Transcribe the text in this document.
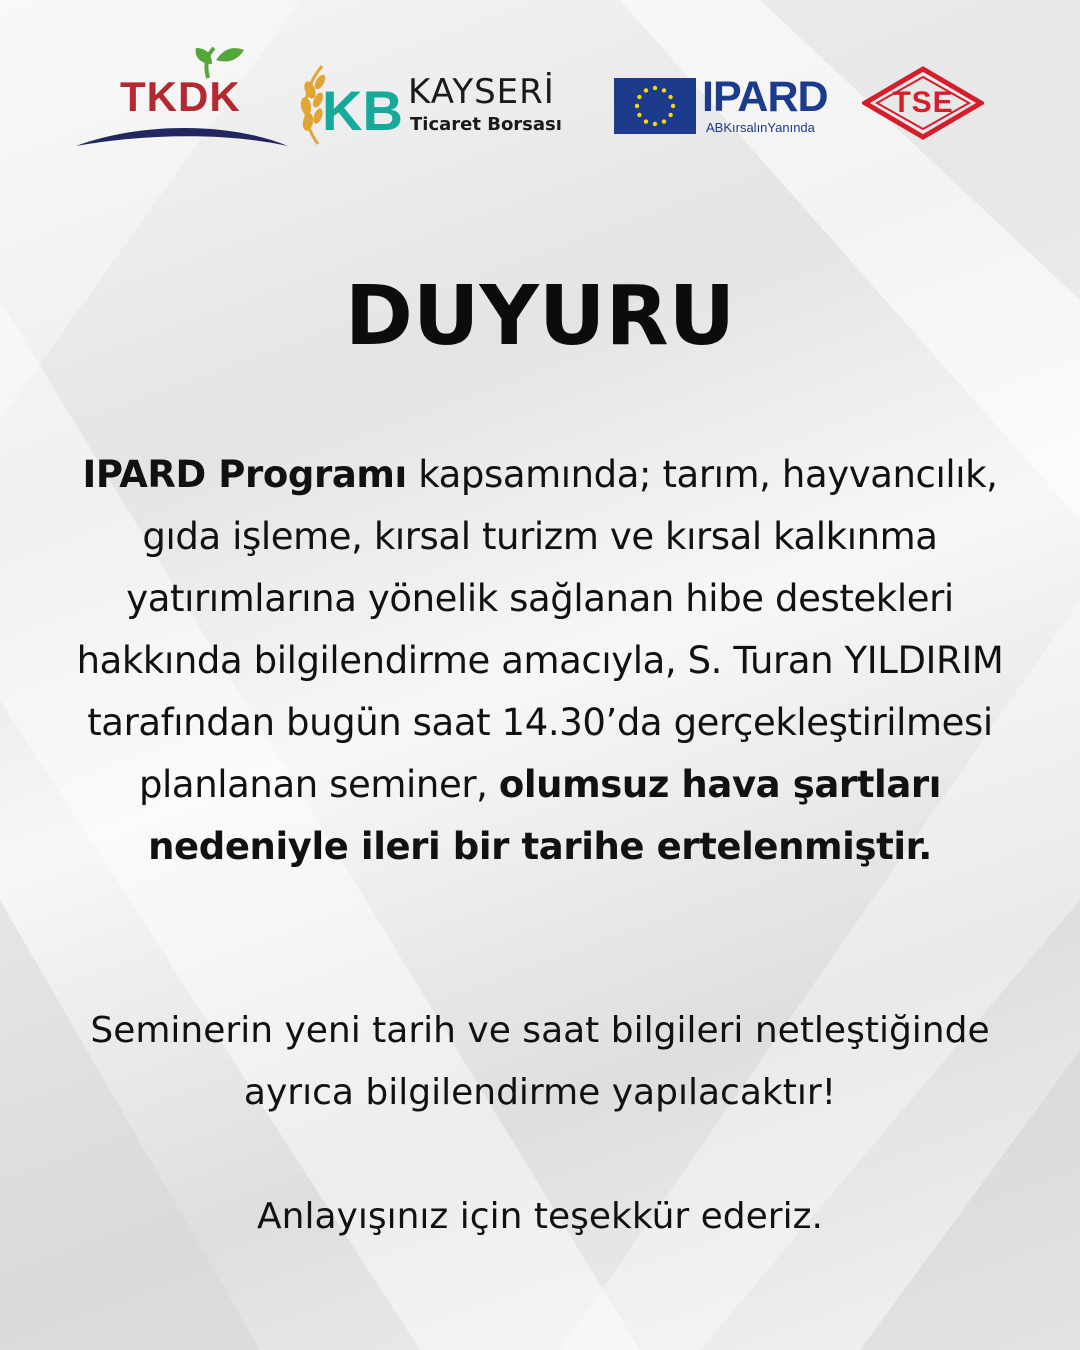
TKDK KB KAYSERİ
Ticaret Borsası
IPARD
ABKırsalınYanında
TSE
DUYURU

IPARD Programı kapsamında; tarım, hayvancılık, gıda işleme, kırsal turizm ve kırsal kalkınma yatırımlarına yönelik sağlanan hibe destekleri hakkında bilgilendirme amacıyla, S. Turan YILDIRIM tarafından bugün saat 14.30’da gerçekleştirilmesi planlanan seminer, olumsuz hava şartları nedeniyle ileri bir tarihe ertelenmiştir.

Seminerin yeni tarih ve saat bilgileri netleştiğinde ayrıca bilgilendirme yapılacaktır!

Anlayışınız için teşekkür ederiz.
